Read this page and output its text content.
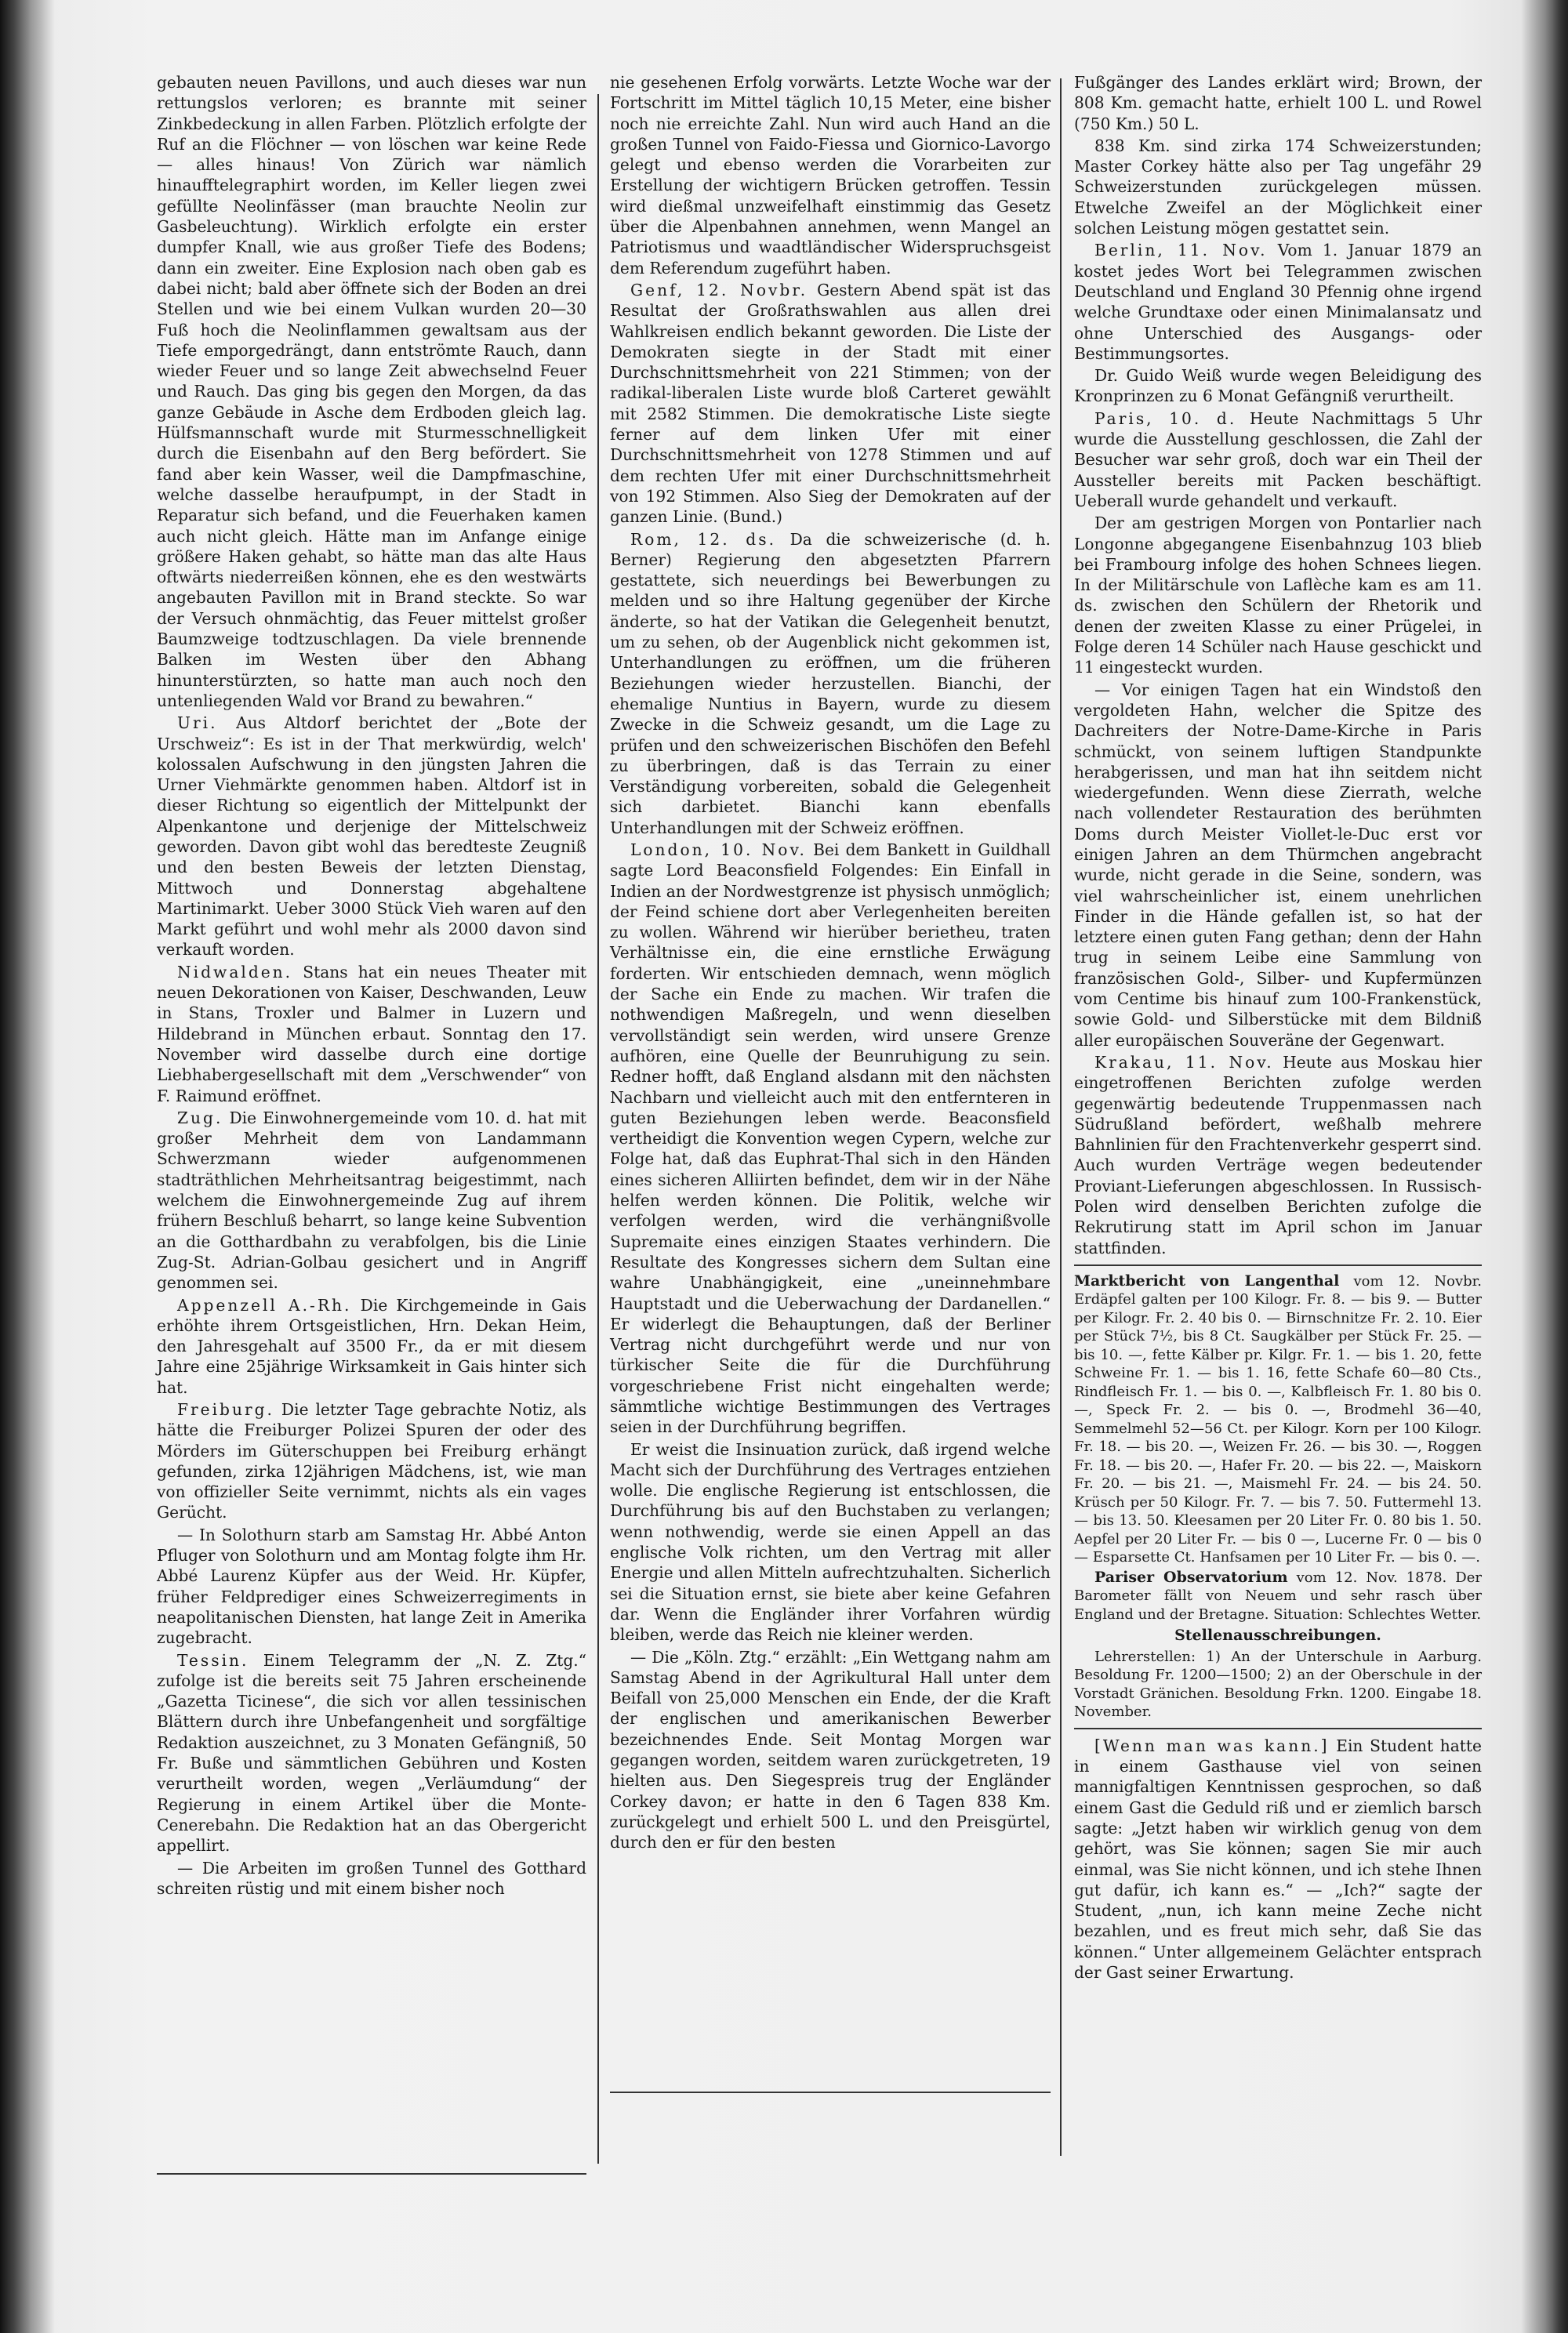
gebauten neuen Pavillons, und auch dieses war nun rettungslos verloren; es brannte mit seiner Zinkbedeckung in allen Farben. Plötzlich erfolgte der Ruf an die Flöchner — von löschen war keine Rede — alles hinaus! Von Zürich war nämlich hinaufftelegraphirt worden, im Keller liegen zwei gefüllte Neolinfässer (man brauchte Neolin zur Gasbeleuchtung). Wirklich erfolgte ein erster dumpfer Knall, wie aus großer Tiefe des Bodens; dann ein zweiter. Eine Explosion nach oben gab es dabei nicht; bald aber öffnete sich der Boden an drei Stellen und wie bei einem Vulkan wurden 20—30 Fuß hoch die Neolinflammen gewaltsam aus der Tiefe emporgedrängt, dann entströmte Rauch, dann wieder Feuer und so lange Zeit abwechselnd Feuer und Rauch. Das ging bis gegen den Morgen, da das ganze Gebäude in Asche dem Erdboden gleich lag. Hülfsmannschaft wurde mit Sturmesschnelligkeit durch die Eisenbahn auf den Berg befördert. Sie fand aber kein Wasser, weil die Dampfmaschine, welche dasselbe heraufpumpt, in der Stadt in Reparatur sich befand, und die Feuerhaken kamen auch nicht gleich. Hätte man im Anfange einige größere Haken gehabt, so hätte man das alte Haus oftwärts niederreißen können, ehe es den westwärts angebauten Pavillon mit in Brand steckte. So war der Versuch ohnmächtig, das Feuer mittelst großer Baumzweige todtzuschlagen. Da viele brennende Balken im Westen über den Abhang hinunterstürzten, so hatte man auch noch den untenliegenden Wald vor Brand zu bewahren.“

Uri. Aus Altdorf berichtet der „Bote der Urschweiz“: Es ist in der That merkwürdig, welch' kolossalen Aufschwung in den jüngsten Jahren die Urner Viehmärkte genommen haben. Altdorf ist in dieser Richtung so eigentlich der Mittelpunkt der Alpenkantone und derjenige der Mittelschweiz geworden. Davon gibt wohl das beredteste Zeugniß und den besten Beweis der letzten Dienstag, Mittwoch und Donnerstag abgehaltene Martinimarkt. Ueber 3000 Stück Vieh waren auf den Markt geführt und wohl mehr als 2000 davon sind verkauft worden.

Nidwalden. Stans hat ein neues Theater mit neuen Dekorationen von Kaiser, Deschwanden, Leuw in Stans, Troxler und Balmer in Luzern und Hildebrand in München erbaut. Sonntag den 17. November wird dasselbe durch eine dortige Liebhabergesellschaft mit dem „Verschwender“ von F. Raimund eröffnet.

Zug. Die Einwohnergemeinde vom 10. d. hat mit großer Mehrheit dem von Landammann Schwerzmann wieder aufgenommenen stadträthlichen Mehrheitsantrag beigestimmt, nach welchem die Einwohnergemeinde Zug auf ihrem frühern Beschluß beharrt, so lange keine Subvention an die Gotthardbahn zu verabfolgen, bis die Linie Zug-St. Adrian-Golbau gesichert und in Angriff genommen sei.

Appenzell A.-Rh. Die Kirchgemeinde in Gais erhöhte ihrem Ortsgeistlichen, Hrn. Dekan Heim, den Jahresgehalt auf 3500 Fr., da er mit diesem Jahre eine 25jährige Wirksamkeit in Gais hinter sich hat.

Freiburg. Die letzter Tage gebrachte Notiz, als hätte die Freiburger Polizei Spuren der oder des Mörders im Güterschuppen bei Freiburg erhängt gefunden, zirka 12jährigen Mädchens, ist, wie man von offizieller Seite vernimmt, nichts als ein vages Gerücht.

— In Solothurn starb am Samstag Hr. Abbé Anton Pfluger von Solothurn und am Montag folgte ihm Hr. Abbé Laurenz Küpfer aus der Weid. Hr. Küpfer, früher Feldprediger eines Schweizerregiments in neapolitanischen Diensten, hat lange Zeit in Amerika zugebracht.

Tessin. Einem Telegramm der „N. Z. Ztg.“ zufolge ist die bereits seit 75 Jahren erscheinende „Gazetta Ticinese“, die sich vor allen tessinischen Blättern durch ihre Unbefangenheit und sorgfältige Redaktion auszeichnet, zu 3 Monaten Gefängniß, 50 Fr. Buße und sämmtlichen Gebühren und Kosten verurtheilt worden, wegen „Verläumdung“ der Regierung in einem Artikel über die Monte-Cenerebahn. Die Redaktion hat an das Obergericht appellirt.

— Die Arbeiten im großen Tunnel des Gotthard schreiten rüstig und mit einem bisher noch

nie gesehenen Erfolg vorwärts. Letzte Woche war der Fortschritt im Mittel täglich 10,15 Meter, eine bisher noch nie erreichte Zahl. Nun wird auch Hand an die großen Tunnel von Faido-Fiessa und Giornico-Lavorgo gelegt und ebenso werden die Vorarbeiten zur Erstellung der wichtigern Brücken getroffen. Tessin wird dießmal unzweifelhaft einstimmig das Gesetz über die Alpenbahnen annehmen, wenn Mangel an Patriotismus und waadtländischer Widerspruchsgeist dem Referendum zugeführt haben.

Genf, 12. Novbr. Gestern Abend spät ist das Resultat der Großrathswahlen aus allen drei Wahlkreisen endlich bekannt geworden. Die Liste der Demokraten siegte in der Stadt mit einer Durchschnittsmehrheit von 221 Stimmen; von der radikal-liberalen Liste wurde bloß Carteret gewählt mit 2582 Stimmen. Die demokratische Liste siegte ferner auf dem linken Ufer mit einer Durchschnittsmehrheit von 1278 Stimmen und auf dem rechten Ufer mit einer Durchschnittsmehrheit von 192 Stimmen. Also Sieg der Demokraten auf der ganzen Linie. (Bund.)

Rom, 12. ds. Da die schweizerische (d. h. Berner) Regierung den abgesetzten Pfarrern gestattete, sich neuerdings bei Bewerbungen zu melden und so ihre Haltung gegenüber der Kirche änderte, so hat der Vatikan die Gelegenheit benutzt, um zu sehen, ob der Augenblick nicht gekommen ist, Unterhandlungen zu eröffnen, um die früheren Beziehungen wieder herzustellen. Bianchi, der ehemalige Nuntius in Bayern, wurde zu diesem Zwecke in die Schweiz gesandt, um die Lage zu prüfen und den schweizerischen Bischöfen den Befehl zu überbringen, daß is das Terrain zu einer Verständigung vorbereiten, sobald die Gelegenheit sich darbietet. Bianchi kann ebenfalls Unterhandlungen mit der Schweiz eröffnen.

London, 10. Nov. Bei dem Bankett in Guildhall sagte Lord Beaconsfield Folgendes: Ein Einfall in Indien an der Nordwestgrenze ist physisch unmöglich; der Feind schiene dort aber Verlegenheiten bereiten zu wollen. Während wir hierüber berietheu, traten Verhältnisse ein, die eine ernstliche Erwägung forderten. Wir entschieden demnach, wenn möglich der Sache ein Ende zu machen. Wir trafen die nothwendigen Maßregeln, und wenn dieselben vervollständigt sein werden, wird unsere Grenze aufhören, eine Quelle der Beunruhigung zu sein. Redner hofft, daß England alsdann mit den nächsten Nachbarn und vielleicht auch mit den entfernteren in guten Beziehungen leben werde. Beaconsfield vertheidigt die Konvention wegen Cypern, welche zur Folge hat, daß das Euphrat-Thal sich in den Händen eines sicheren Alliirten befindet, dem wir in der Nähe helfen werden können. Die Politik, welche wir verfolgen werden, wird die verhängnißvolle Supremaite eines einzigen Staates verhindern. Die Resultate des Kongresses sichern dem Sultan eine wahre Unabhängigkeit, eine „uneinnehmbare Hauptstadt und die Ueberwachung der Dardanellen.“ Er widerlegt die Behauptungen, daß der Berliner Vertrag nicht durchgeführt werde und nur von türkischer Seite die für die Durchführung vorgeschriebene Frist nicht eingehalten werde; sämmtliche wichtige Bestimmungen des Vertrages seien in der Durchführung begriffen.

Er weist die Insinuation zurück, daß irgend welche Macht sich der Durchführung des Vertrages entziehen wolle. Die englische Regierung ist entschlossen, die Durchführung bis auf den Buchstaben zu verlangen; wenn nothwendig, werde sie einen Appell an das englische Volk richten, um den Vertrag mit aller Energie und allen Mitteln aufrechtzuhalten. Sicherlich sei die Situation ernst, sie biete aber keine Gefahren dar. Wenn die Engländer ihrer Vorfahren würdig bleiben, werde das Reich nie kleiner werden.

— Die „Köln. Ztg.“ erzählt: „Ein Wettgang nahm am Samstag Abend in der Agrikultural Hall unter dem Beifall von 25,000 Menschen ein Ende, der die Kraft der englischen und amerikanischen Bewerber bezeichnendes Ende. Seit Montag Morgen war gegangen worden, seitdem waren zurückgetreten, 19 hielten aus. Den Siegespreis trug der Engländer Corkey davon; er hatte in den 6 Tagen 838 Km. zurückgelegt und erhielt 500 L. und den Preisgürtel, durch den er für den besten

Fußgänger des Landes erklärt wird; Brown, der 808 Km. gemacht hatte, erhielt 100 L. und Rowel (750 Km.) 50 L.

838 Km. sind zirka 174 Schweizerstunden; Master Corkey hätte also per Tag ungefähr 29 Schweizerstunden zurückgelegen müssen. Etwelche Zweifel an der Möglichkeit einer solchen Leistung mögen gestattet sein.

Berlin, 11. Nov. Vom 1. Januar 1879 an kostet jedes Wort bei Telegrammen zwischen Deutschland und England 30 Pfennig ohne irgend welche Grundtaxe oder einen Minimalansatz und ohne Unterschied des Ausgangs- oder Bestimmungsortes.

Dr. Guido Weiß wurde wegen Beleidigung des Kronprinzen zu 6 Monat Gefängniß verurtheilt.

Paris, 10. d. Heute Nachmittags 5 Uhr wurde die Ausstellung geschlossen, die Zahl der Besucher war sehr groß, doch war ein Theil der Aussteller bereits mit Packen beschäftigt. Ueberall wurde gehandelt und verkauft.

Der am gestrigen Morgen von Pontarlier nach Longonne abgegangene Eisenbahnzug 103 blieb bei Frambourg infolge des hohen Schnees liegen. In der Militärschule von Laflèche kam es am 11. ds. zwischen den Schülern der Rhetorik und denen der zweiten Klasse zu einer Prügelei, in Folge deren 14 Schüler nach Hause geschickt und 11 eingesteckt wurden.

— Vor einigen Tagen hat ein Windstoß den vergoldeten Hahn, welcher die Spitze des Dachreiters der Notre-Dame-Kirche in Paris schmückt, von seinem luftigen Standpunkte herabgerissen, und man hat ihn seitdem nicht wiedergefunden. Wenn diese Zierrath, welche nach vollendeter Restauration des berühmten Doms durch Meister Viollet-le-Duc erst vor einigen Jahren an dem Thürmchen angebracht wurde, nicht gerade in die Seine, sondern, was viel wahrscheinlicher ist, einem unehrlichen Finder in die Hände gefallen ist, so hat der letztere einen guten Fang gethan; denn der Hahn trug in seinem Leibe eine Sammlung von französischen Gold-, Silber- und Kupfermünzen vom Centime bis hinauf zum 100-Frankenstück, sowie Gold- und Silberstücke mit dem Bildniß aller europäischen Souveräne der Gegenwart.

Krakau, 11. Nov. Heute aus Moskau hier eingetroffenen Berichten zufolge werden gegenwärtig bedeutende Truppenmassen nach Südrußland befördert, weßhalb mehrere Bahnlinien für den Frachtenverkehr gesperrt sind. Auch wurden Verträge wegen bedeutender Proviant-Lieferungen abgeschlossen. In Russisch-Polen wird denselben Berichten zufolge die Rekrutirung statt im April schon im Januar stattfinden.

Marktbericht von Langenthal vom 12. Novbr. Erdäpfel galten per 100 Kilogr. Fr. 8. — bis 9. — Butter per Kilogr. Fr. 2. 40 bis 0. — Birnschnitze Fr. 2. 10. Eier per Stück 7½, bis 8 Ct. Saugkälber per Stück Fr. 25. — bis 10. —, fette Kälber pr. Kilgr. Fr. 1. — bis 1. 20, fette Schweine Fr. 1. — bis 1. 16, fette Schafe 60—80 Cts., Rindfleisch Fr. 1. — bis 0. —, Kalbfleisch Fr. 1. 80 bis 0. —, Speck Fr. 2. — bis 0. —, Brodmehl 36—40, Semmelmehl 52—56 Ct. per Kilogr. Korn per 100 Kilogr. Fr. 18. — bis 20. —, Weizen Fr. 26. — bis 30. —, Roggen Fr. 18. — bis 20. —, Hafer Fr. 20. — bis 22. —, Maiskorn Fr. 20. — bis 21. —, Maismehl Fr. 24. — bis 24. 50. Krüsch per 50 Kilogr. Fr. 7. — bis 7. 50. Futtermehl 13. — bis 13. 50. Kleesamen per 20 Liter Fr. 0. 80 bis 1. 50. Aepfel per 20 Liter Fr. — bis 0 —, Lucerne Fr. 0 — bis 0 — Esparsette Ct. Hanfsamen per 10 Liter Fr. — bis 0. —.

Pariser Observatorium vom 12. Nov. 1878. Der Barometer fällt von Neuem und sehr rasch über England und der Bretagne. Situation: Schlechtes Wetter.

Stellenausschreibungen.

Lehrerstellen: 1) An der Unterschule in Aarburg. Besoldung Fr. 1200—1500; 2) an der Oberschule in der Vorstadt Gränichen. Besoldung Frkn. 1200. Eingabe 18. November.

[Wenn man was kann.] Ein Student hatte in einem Gasthause viel von seinen mannigfaltigen Kenntnissen gesprochen, so daß einem Gast die Geduld riß und er ziemlich barsch sagte: „Jetzt haben wir wirklich genug von dem gehört, was Sie können; sagen Sie mir auch einmal, was Sie nicht können, und ich stehe Ihnen gut dafür, ich kann es.“ — „Ich?“ sagte der Student, „nun, ich kann meine Zeche nicht bezahlen, und es freut mich sehr, daß Sie das können.“ Unter allgemeinem Gelächter entsprach der Gast seiner Erwartung.
